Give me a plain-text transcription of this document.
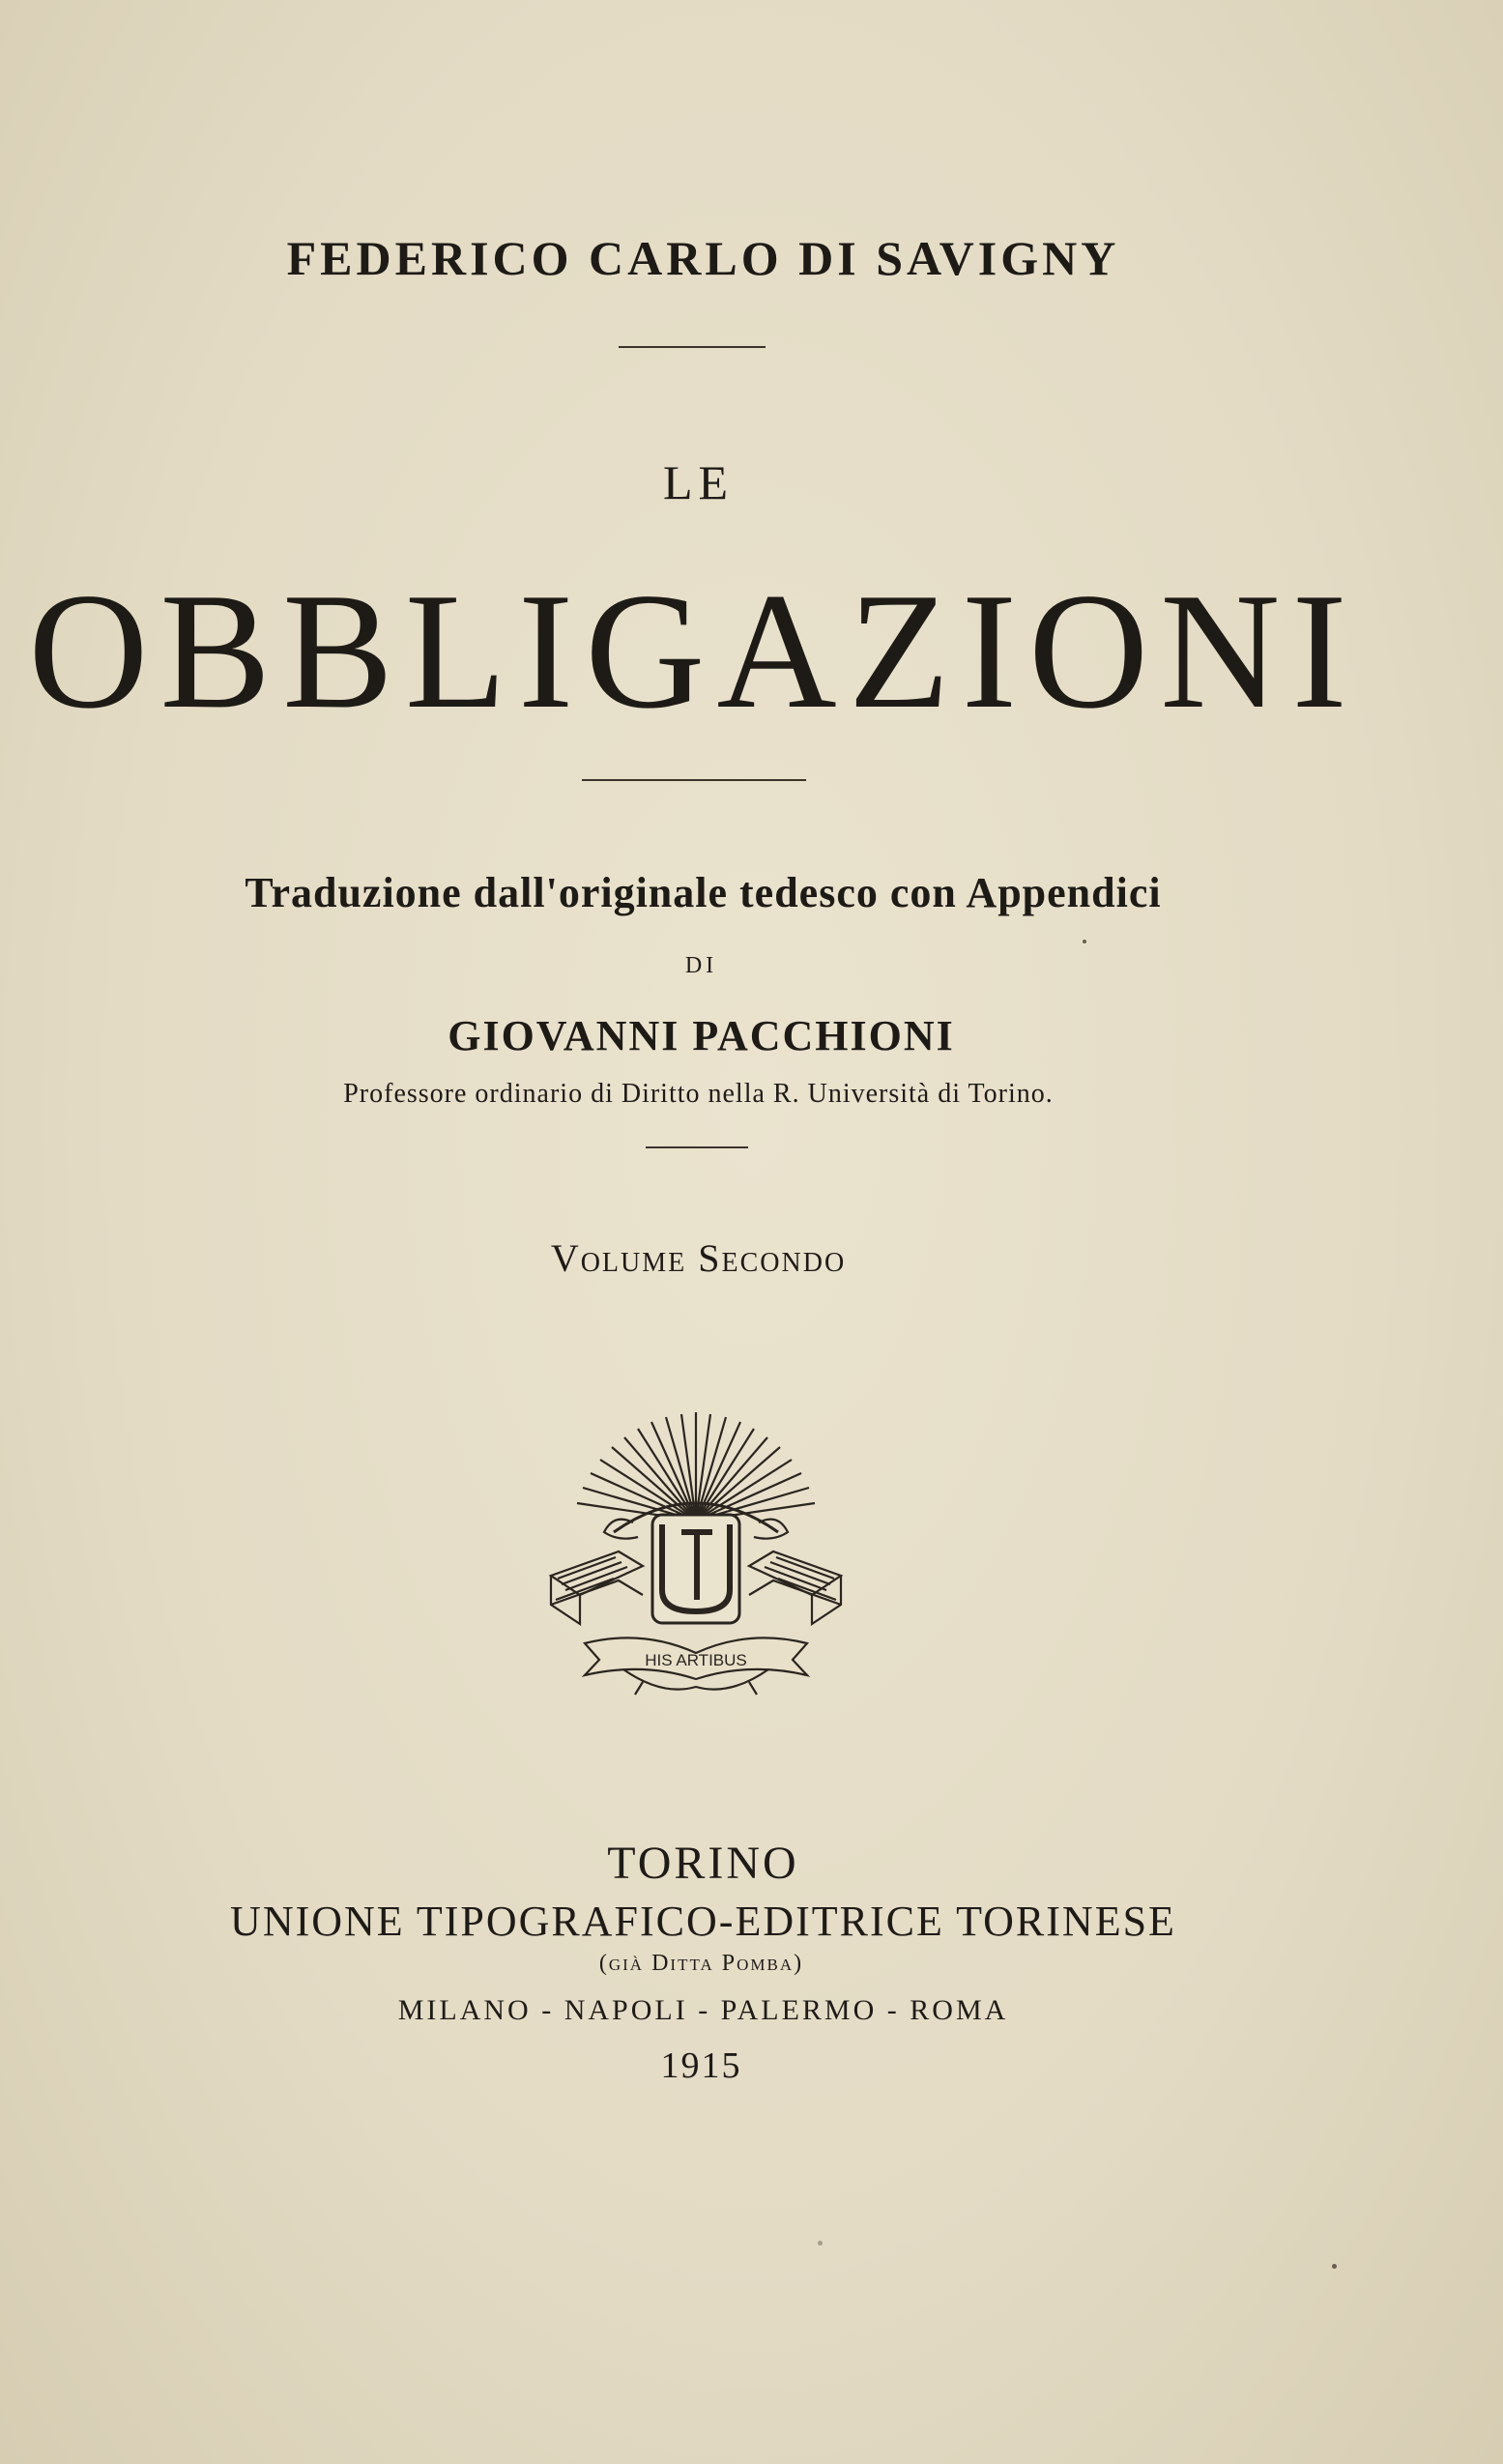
FEDERICO CARLO DI SAVIGNY
LE
OBBLIGAZIONI
Traduzione dall'originale tedesco con Appendici
DI
GIOVANNI PACCHIONI
Professore ordinario di Diritto nella R. Università di Torino.
Volume Secondo
HIS ARTIBUS
TORINO
UNIONE TIPOGRAFICO-EDITRICE TORINESE
(già Ditta Pomba)
MILANO - NAPOLI - PALERMO - ROMA
1915
